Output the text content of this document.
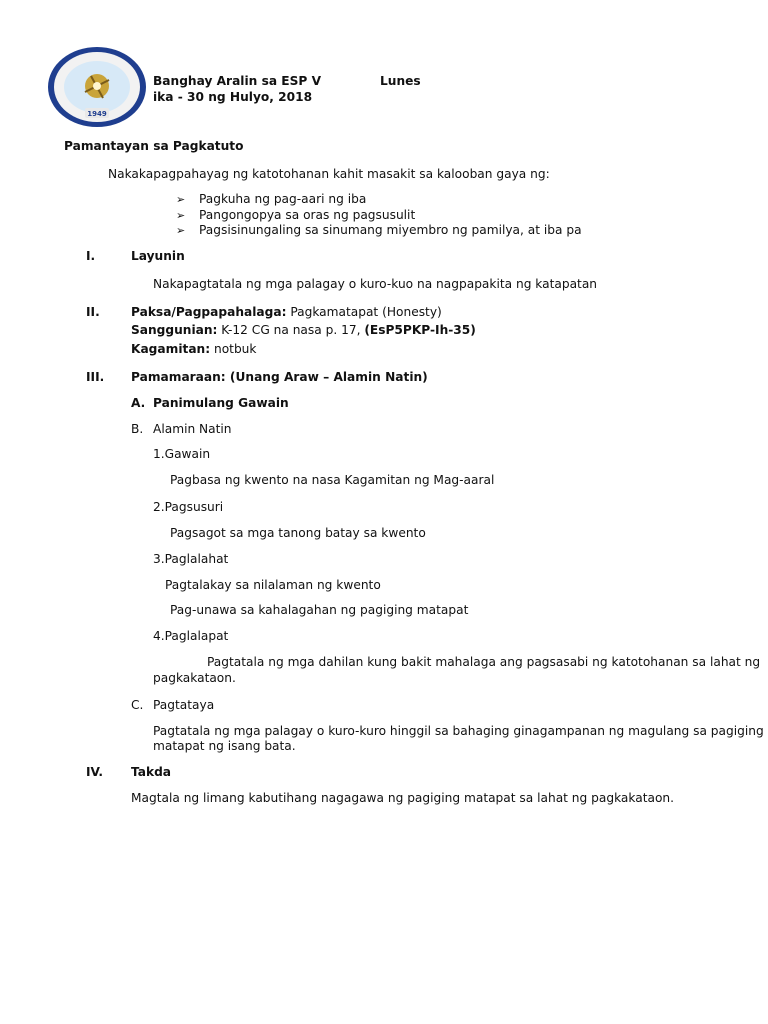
1949
Banghay Aralin sa ESP V	Lunes
ika - 30 ng Hulyo, 2018
Pamantayan sa Pagkatuto
Nakakapagpahayag ng katotohanan kahit masakit sa kalooban gaya ng:
➢ Pagkuha ng pag-aari ng iba
➢ Pangongopya sa oras ng pagsusulit
➢ Pagsisinungaling sa sinumang miyembro ng pamilya, at iba pa
I.	Layunin
Nakapagtatala ng mga palagay o kuro-kuo na nagpapakita ng katapatan
II.	Paksa/Pagpapahalaga: Pagkamatapat (Honesty)
Sanggunian: K-12 CG na nasa p. 17, (EsP5PKP-Ih-35)
Kagamitan: notbuk
III. Pamamaraan: (Unang Araw – Alamin Natin)
A. Panimulang Gawain
B. Alamin Natin
1.Gawain
Pagbasa ng kwento na nasa Kagamitan ng Mag-aaral
2.Pagsusuri
Pagsagot sa mga tanong batay sa kwento
3.Paglalahat
Pagtalakay sa nilalaman ng kwento
Pag-unawa sa kahalagahan ng pagiging matapat
4.Paglalapat
Pagtatala ng mga dahilan kung bakit mahalaga ang pagsasabi ng katotohanan sa lahat ng
pagkakataon.
C. Pagtataya
Pagtatala ng mga palagay o kuro-kuro hinggil sa bahaging ginagampanan ng magulang sa pagiging
matapat ng isang bata.
IV. Takda
Magtala ng limang kabutihang nagagawa ng pagiging matapat sa lahat ng pagkakataon.
